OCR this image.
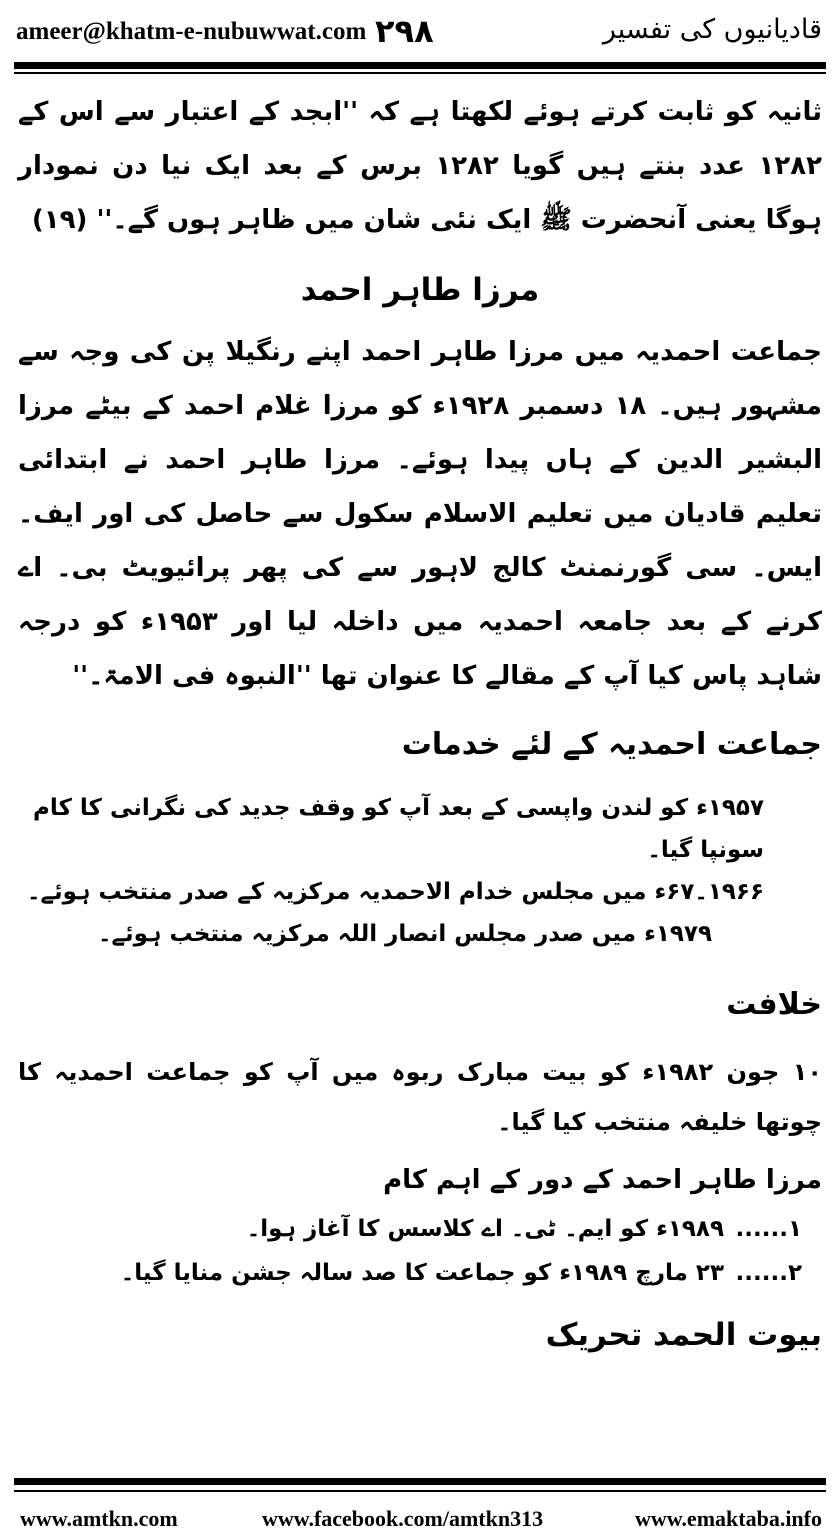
ameer@khatm-e-nubuwwat.com ۲۹۸	قادیانیوں کی تفسیر

ثانیہ کو ثابت کرتے ہوئے لکھتا ہے کہ ''ابجد کے اعتبار سے اس کے ۱۲۸۲ عدد بنتے ہیں گویا ۱۲۸۲ برس کے بعد ایک نیا دن نمودار ہوگا یعنی آنحضرت ﷺ ایک نئی شان میں ظاہر ہوں گے۔'' (۱۹)

مرزا طاہر احمد

جماعت احمدیہ میں مرزا طاہر احمد اپنے رنگیلا پن کی وجہ سے مشہور ہیں۔ ۱۸ دسمبر ۱۹۲۸ء کو مرزا غلام احمد کے بیٹے مرزا البشیر الدین کے ہاں پیدا ہوئے۔ مرزا طاہر احمد نے ابتدائی تعلیم قادیان میں تعلیم الاسلام سکول سے حاصل کی اور ایف۔ ایس۔ سی گورنمنٹ کالج لاہور سے کی پھر پرائیویٹ بی۔ اے کرنے کے بعد جامعہ احمدیہ میں داخلہ لیا اور ۱۹۵۳ء کو درجہ شاہد پاس کیا آپ کے مقالے کا عنوان تھا ''النبوہ فی الامۃ۔''

جماعت احمدیہ کے لئے خدمات

۱۹۵۷ء کو لندن واپسی کے بعد آپ کو وقف جدید کی نگرانی کا کام سونپا گیا۔

۱۹۶۶۔۶۷ء میں مجلس خدام الاحمدیہ مرکزیہ کے صدر منتخب ہوئے۔

۱۹۷۹ء میں صدر مجلس انصار اللہ مرکزیہ منتخب ہوئے۔

خلافت

۱۰ جون ۱۹۸۲ء کو بیت مبارک ربوہ میں آپ کو جماعت احمدیہ کا چوتھا خلیفہ منتخب کیا گیا۔

مرزا طاہر احمد کے دور کے اہم کام
۱......
۱۹۸۹ء کو ایم۔ ٹی۔ اے کلاسس کا آغاز ہوا۔
۲......
۲۳ مارچ ۱۹۸۹ء کو جماعت کا صد سالہ جشن منایا گیا۔
بیوت الحمد تحریک
www.amtkn.com	www.facebook.com/amtkn313	www.emaktaba.info
